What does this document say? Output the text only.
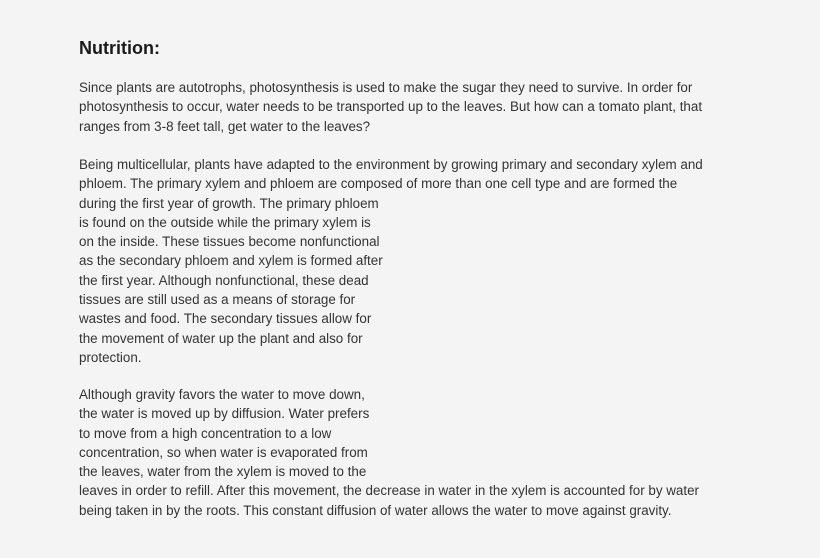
Nutrition:

Since plants are autotrophs, photosynthesis is used to make the sugar they need to survive. In order for
photosynthesis to occur, water needs to be transported up to the leaves. But how can a tomato plant, that
ranges from 3-8 feet tall, get water to the leaves?

Being multicellular, plants have adapted to the environment by growing primary and secondary xylem and
phloem. The primary xylem and phloem are composed of more than one cell type and are formed the
during the first year of growth. The primary phloem
is found on the outside while the primary xylem is
on the inside. These tissues become nonfunctional
as the secondary phloem and xylem is formed after
the first year. Although nonfunctional, these dead
tissues are still used as a means of storage for
wastes and food. The secondary tissues allow for
the movement of water up the plant and also for
protection.

Although gravity favors the water to move down,
the water is moved up by diffusion. Water prefers
to move from a high concentration to a low
concentration, so when water is evaporated from
the leaves, water from the xylem is moved to the
leaves in order to refill. After this movement, the decrease in water in the xylem is accounted for by water
being taken in by the roots. This constant diffusion of water allows the water to move against gravity.
